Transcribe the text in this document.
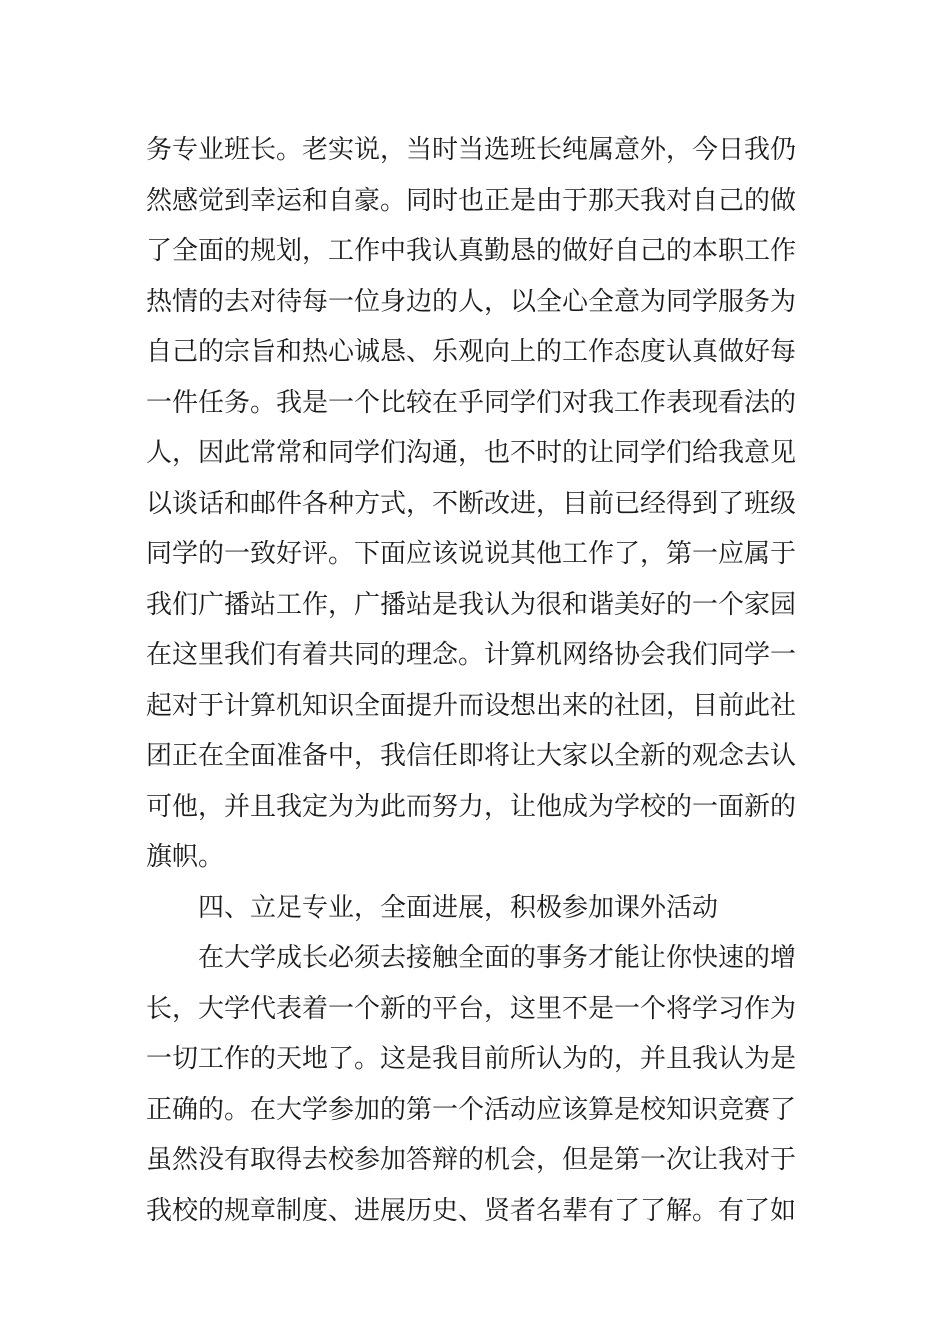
务专业班长。老实说，当时当选班长纯属意外，今日我仍
然感觉到幸运和自豪。同时也正是由于那天我对自己的做
了全面的规划，工作中我认真勤恳的做好自己的本职工作
热情的去对待每一位身边的人，以全心全意为同学服务为
自己的宗旨和热心诚恳、乐观向上的工作态度认真做好每
一件任务。我是一个比较在乎同学们对我工作表现看法的
人，因此常常和同学们沟通，也不时的让同学们给我意见
以谈话和邮件各种方式，不断改进，目前已经得到了班级
同学的一致好评。下面应该说说其他工作了，第一应属于
我们广播站工作，广播站是我认为很和谐美好的一个家园
在这里我们有着共同的理念。计算机网络协会我们同学一
起对于计算机知识全面提升而设想出来的社团，目前此社
团正在全面准备中，我信任即将让大家以全新的观念去认
可他，并且我定为为此而努力，让他成为学校的一面新的
旗帜。
四、立足专业，全面进展，积极参加课外活动
在大学成长必须去接触全面的事务才能让你快速的增
长，大学代表着一个新的平台，这里不是一个将学习作为
一切工作的天地了。这是我目前所认为的，并且我认为是
正确的。在大学参加的第一个活动应该算是校知识竞赛了
虽然没有取得去校参加答辩的机会，但是第一次让我对于
我校的规章制度、进展历史、贤者名辈有了了解。有了如
